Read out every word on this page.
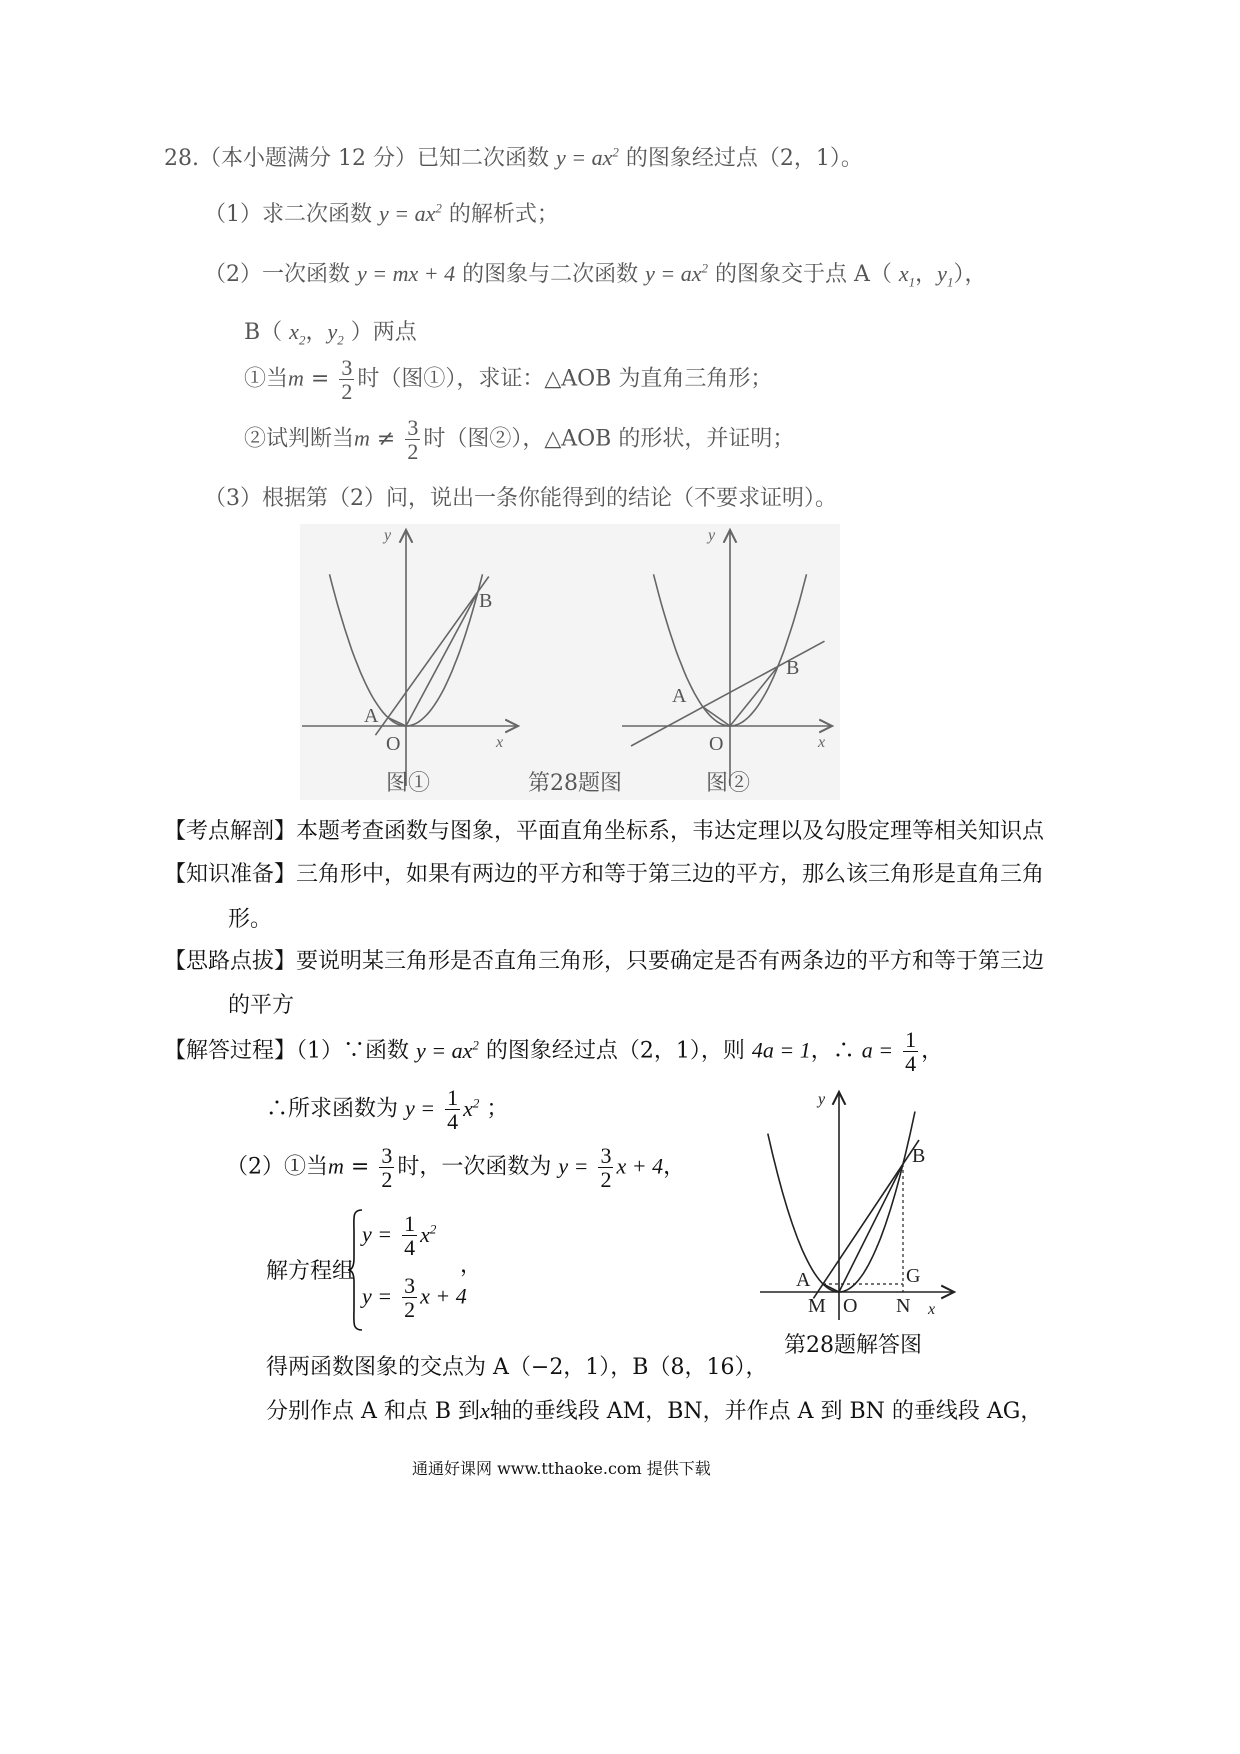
28.（本小题满分 12 分）已知二次函数 $y = ax^2$ 的图象经过点（2，1）。
（1）求二次函数 $y = ax^2$ 的解析式；
（2）一次函数 y = mx + 4 的图象与二次函数 $y = ax^2$ 的图象交于点 A（ $x_1$，$y_1$），
B（ $x_2$，$y_2$ ）两点
①当$m = \frac{3}{2}$ 时（图①），求证：△AOB 为直角三角形；
②试判断当$m \ne \frac{3}{2}$ 时（图②），△AOB 的形状，并证明；
（3）根据第（2）问，说出一条你能得到的结论（不要求证明）。
y
x
O
A
B
y
x
O
A
B
图①	第28题图	图②
【考点解剖】本题考查函数与图象，平面直角坐标系，韦达定理以及勾股定理等相关知识点
【知识准备】三角形中，如果有两边的平方和等于第三边的平方，那么该三角形是直角三角
形。
【思路点拔】要说明某三角形是否直角三角形，只要确定是否有两条边的平方和等于第三边
的平方
【解答过程】（1）∵函数 $y = ax^2$ 的图象经过点（2，1），则 4a = 1，∴ $a = \frac{1}{4}$ ，
∴所求函数为 $y = \frac{1}{4} x^2$ ；
（2）①当$m = \frac{3}{2}$ 时，一次函数为 $y = \frac{3}{2}$ x + 4，
解方程组
$y = \frac{1}{4} x^2$
$y = \frac{3}{2}$ x + 4
，
得两函数图象的交点为 A（−2，1），B（8，16），
分别作点 A 和点 B 到x轴的垂线段 AM，BN，并作点 A 到 BN 的垂线段 AG，
y
x
A
B
G
M O N
第28题解答图
通通好课网 www.tthaoke.com 提供下载
